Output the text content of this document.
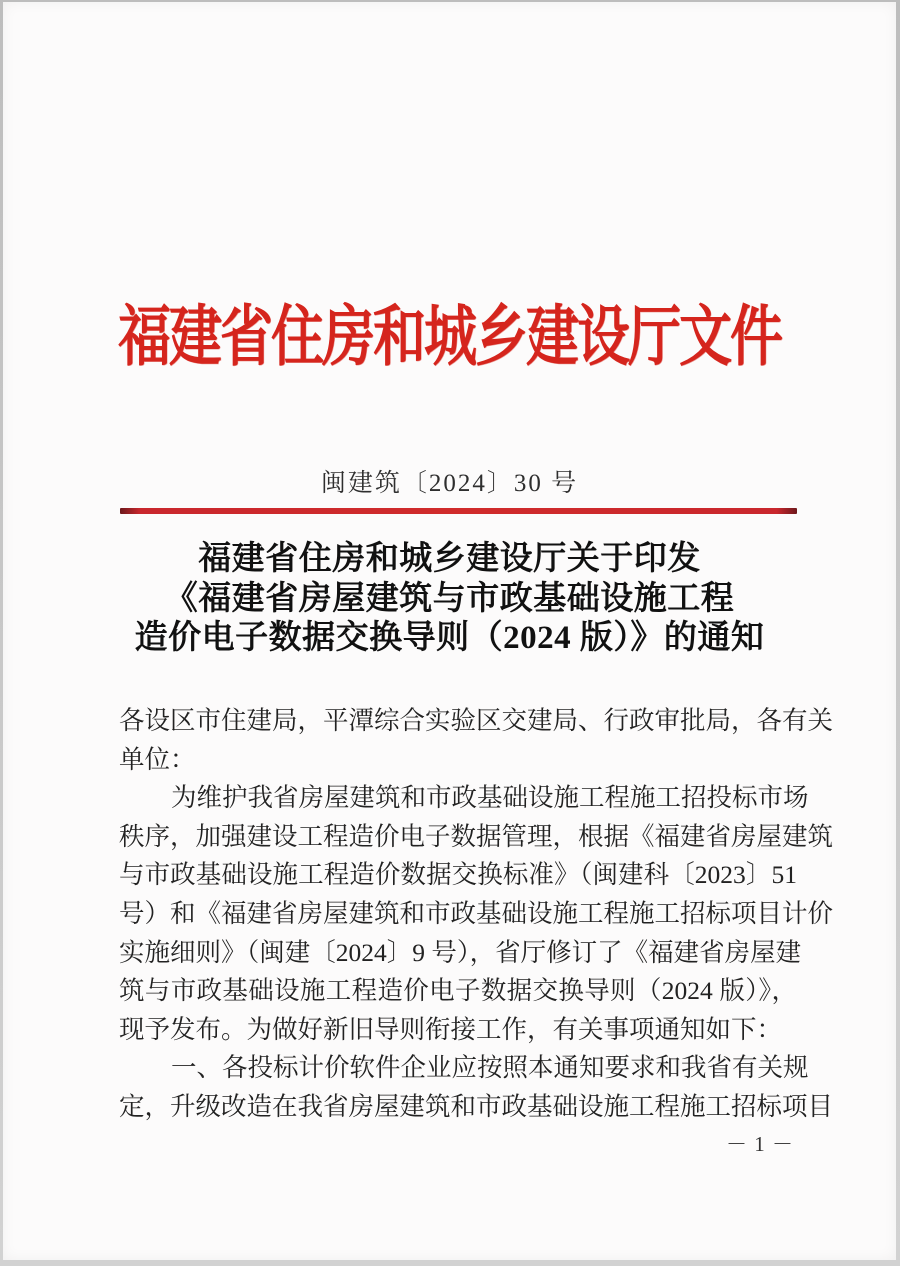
福建省住房和城乡建设厅文件
闽建筑〔2024〕30 号
福建省住房和城乡建设厅关于印发
《福建省房屋建筑与市政基础设施工程
造价电子数据交换导则（2024 版）》的通知
各设区市住建局，平潭综合实验区交建局、行政审批局，各有关
单位：
为维护我省房屋建筑和市政基础设施工程施工招投标市场
秩序，加强建设工程造价电子数据管理，根据《福建省房屋建筑
与市政基础设施工程造价数据交换标准》（闽建科〔2023〕51
号）和《福建省房屋建筑和市政基础设施工程施工招标项目计价
实施细则》（闽建〔2024〕9 号），省厅修订了《福建省房屋建
筑与市政基础设施工程造价电子数据交换导则（2024 版）》，
现予发布。为做好新旧导则衔接工作，有关事项通知如下：
一、各投标计价软件企业应按照本通知要求和我省有关规
定，升级改造在我省房屋建筑和市政基础设施工程施工招标项目
－ 1 －
